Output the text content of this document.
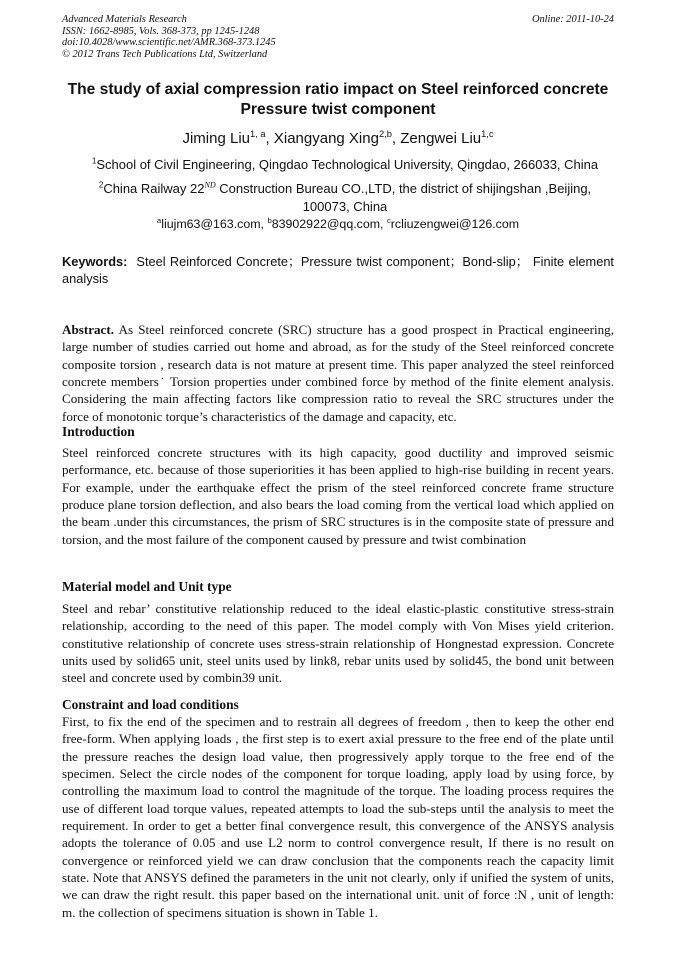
Advanced Materials Research
ISSN: 1662-8985, Vols. 368-373, pp 1245-1248
doi:10.4028/www.scientific.net/AMR.368-373.1245
© 2012 Trans Tech Publications Ltd, Switzerland
Online: 2011-10-24
The study of axial compression ratio impact on Steel reinforced concrete Pressure twist component
Jiming Liu$^{1, a}$, Xiangyang Xing$^{2,b}$, Zengwei Liu$^{1,c}$
$^1$School of Civil Engineering, Qingdao Technological University, Qingdao, 266033, China
$^2$China Railway 22ND Construction Bureau CO.,LTD, the district of shijingshan ,Beijing, 100073, China
$^a$liujm63@163.com, $^b$83902922@qq.com, $^c$rcliuzengwei@126.com
Keywords: Steel Reinforced Concrete；Pressure twist component；Bond-slip； Finite element analysis
Abstract. As Steel reinforced concrete (SRC) structure has a good prospect in Practical engineering, large number of studies carried out home and abroad, as for the study of the Steel reinforced concrete composite torsion , research data is not mature at present time. This paper analyzed the steel reinforced concrete members˙ Torsion properties under combined force by method of the finite element analysis. Considering the main affecting factors like compression ratio to reveal the SRC structures under the force of monotonic torque’s characteristics of the damage and capacity, etc.
Introduction
Steel reinforced concrete structures with its high capacity, good ductility and improved seismic performance, etc. because of those superiorities it has been applied to high-rise building in recent years. For example, under the earthquake effect the prism of the steel reinforced concrete frame structure produce plane torsion deflection, and also bears the load coming from the vertical load which applied on the beam .under this circumstances, the prism of SRC structures is in the composite state of pressure and torsion, and the most failure of the component caused by pressure and twist combination
Material model and Unit type
Steel and rebar’ constitutive relationship reduced to the ideal elastic-plastic constitutive stress-strain relationship, according to the need of this paper. The model comply with Von Mises yield criterion. constitutive relationship of concrete uses stress-strain relationship of Hongnestad expression. Concrete units used by solid65 unit, steel units used by link8, rebar units used by solid45, the bond unit between steel and concrete used by combin39 unit.
Constraint and load conditions
First, to fix the end of the specimen and to restrain all degrees of freedom , then to keep the other end free-form. When applying loads , the first step is to exert axial pressure to the free end of the plate until the pressure reaches the design load value, then progressively apply torque to the free end of the specimen. Select the circle nodes of the component for torque loading, apply load by using force, by controlling the maximum load to control the magnitude of the torque. The loading process requires the use of different load torque values, repeated attempts to load the sub-steps until the analysis to meet the requirement. In order to get a better final convergence result, this convergence of the ANSYS analysis adopts the tolerance of 0.05 and use L2 norm to control convergence result, If there is no result on convergence or reinforced yield we can draw conclusion that the components reach the capacity limit state. Note that ANSYS defined the parameters in the unit not clearly, only if unified the system of units, we can draw the right result. this paper based on the international unit. unit of force :N , unit of length: m. the collection of specimens situation is shown in Table 1.
